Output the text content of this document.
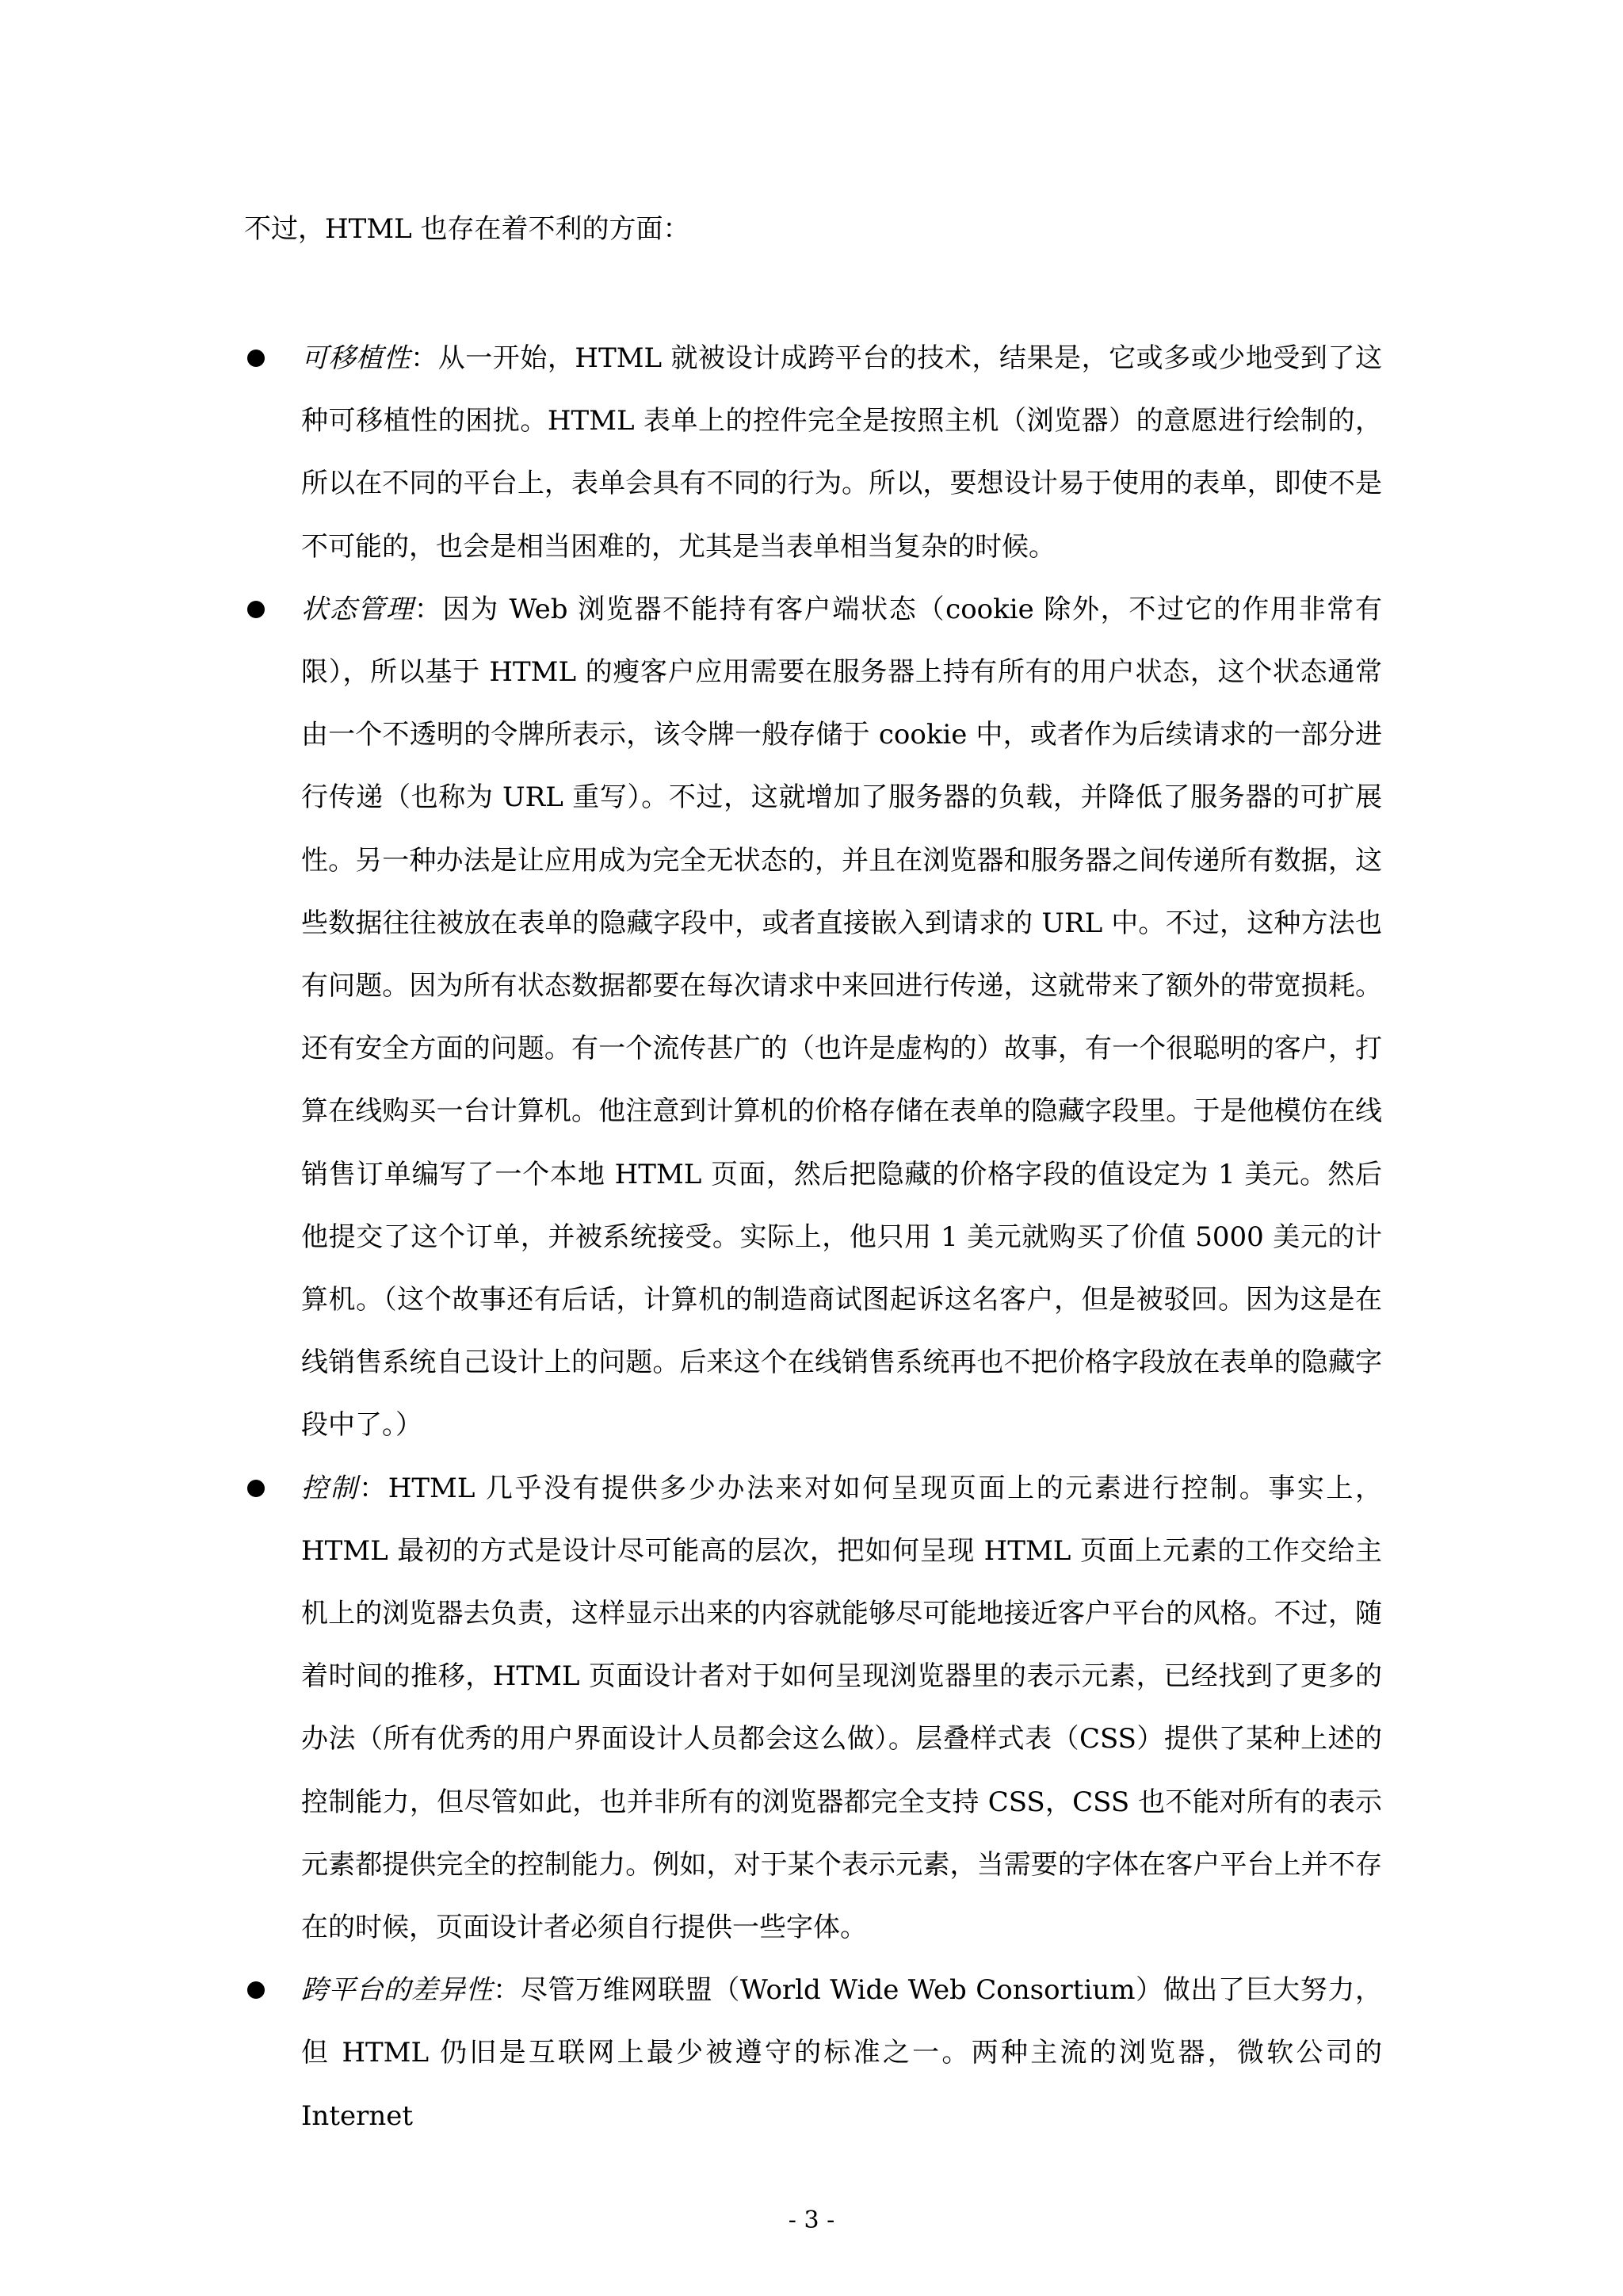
不过，HTML 也存在着不利的方面：

可移植性：从一开始，HTML 就被设计成跨平台的技术，结果是，它或多或少地受到了这种可移植性的困扰。HTML 表单上的控件完全是按照主机（浏览器）的意愿进行绘制的，所以在不同的平台上，表单会具有不同的行为。所以，要想设计易于使用的表单，即使不是不可能的，也会是相当困难的，尤其是当表单相当复杂的时候。
状态管理：因为 Web 浏览器不能持有客户端状态（cookie 除外，不过它的作用非常有限），所以基于 HTML 的瘦客户应用需要在服务器上持有所有的用户状态，这个状态通常由一个不透明的令牌所表示，该令牌一般存储于 cookie 中，或者作为后续请求的一部分进行传递（也称为 URL 重写）。不过，这就增加了服务器的负载，并降低了服务器的可扩展性。另一种办法是让应用成为完全无状态的，并且在浏览器和服务器之间传递所有数据，这些数据往往被放在表单的隐藏字段中，或者直接嵌入到请求的 URL 中。不过，这种方法也有问题。因为所有状态数据都要在每次请求中来回进行传递，这就带来了额外的带宽损耗。还有安全方面的问题。有一个流传甚广的（也许是虚构的）故事，有一个很聪明的客户，打算在线购买一台计算机。他注意到计算机的价格存储在表单的隐藏字段里。于是他模仿在线销售订单编写了一个本地 HTML 页面，然后把隐藏的价格字段的值设定为 1 美元。然后他提交了这个订单，并被系统接受。实际上，他只用 1 美元就购买了价值 5000 美元的计算机。（这个故事还有后话，计算机的制造商试图起诉这名客户，但是被驳回。因为这是在线销售系统自己设计上的问题。后来这个在线销售系统再也不把价格字段放在表单的隐藏字段中了。）
控制：HTML 几乎没有提供多少办法来对如何呈现页面上的元素进行控制。事实上，HTML 最初的方式是设计尽可能高的层次，把如何呈现 HTML 页面上元素的工作交给主机上的浏览器去负责，这样显示出来的内容就能够尽可能地接近客户平台的风格。不过，随着时间的推移，HTML 页面设计者对于如何呈现浏览器里的表示元素，已经找到了更多的办法（所有优秀的用户界面设计人员都会这么做）。层叠样式表（CSS）提供了某种上述的控制能力，但尽管如此，也并非所有的浏览器都完全支持 CSS，CSS 也不能对所有的表示元素都提供完全的控制能力。例如，对于某个表示元素，当需要的字体在客户平台上并不存在的时候，页面设计者必须自行提供一些字体。
跨平台的差异性：尽管万维网联盟（World Wide Web Consortium）做出了巨大努力，但 HTML 仍旧是互联网上最少被遵守的标准之一。两种主流的浏览器，微软公司的 Internet

- 3 -
